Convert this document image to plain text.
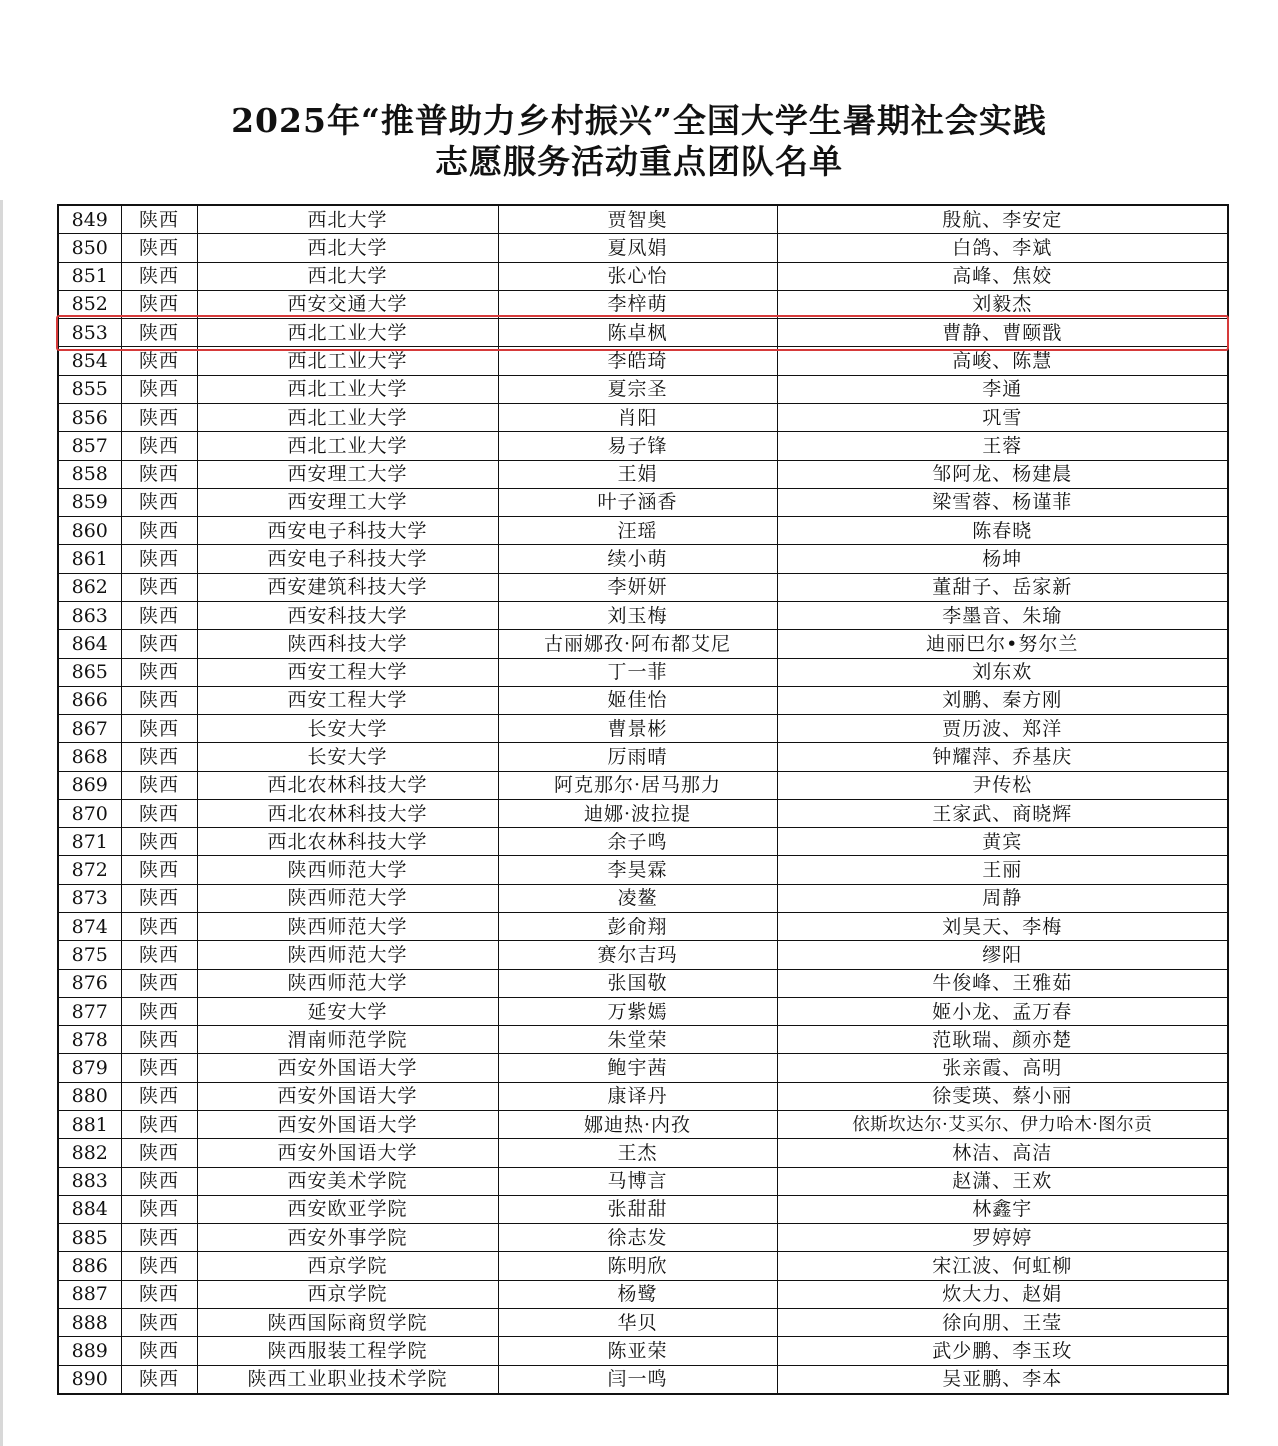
2025年“推普助力乡村振兴”全国大学生暑期社会实践
志愿服务活动重点团队名单
849	陕西	西北大学	贾智奥	殷航、李安定
850	陕西	西北大学	夏凤娟	白鸽、李斌
851	陕西	西北大学	张心怡	高峰、焦姣
852	陕西	西安交通大学	李梓萌	刘毅杰
853	陕西	西北工业大学	陈卓枫	曹静、曹颐戬
854	陕西	西北工业大学	李皓琦	高峻、陈慧
855	陕西	西北工业大学	夏宗圣	李通
856	陕西	西北工业大学	肖阳	巩雪
857	陕西	西北工业大学	易子锋	王蓉
858	陕西	西安理工大学	王娟	邹阿龙、杨建晨
859	陕西	西安理工大学	叶子涵香	梁雪蓉、杨谨菲
860	陕西	西安电子科技大学	汪瑶	陈春晓
861	陕西	西安电子科技大学	续小萌	杨坤
862	陕西	西安建筑科技大学	李妍妍	董甜子、岳家新
863	陕西	西安科技大学	刘玉梅	李墨音、朱瑜
864	陕西	陕西科技大学	古丽娜孜·阿布都艾尼	迪丽巴尔•努尔兰
865	陕西	西安工程大学	丁一菲	刘东欢
866	陕西	西安工程大学	姬佳怡	刘鹏、秦方刚
867	陕西	长安大学	曹景彬	贾历波、郑洋
868	陕西	长安大学	厉雨晴	钟耀萍、乔基庆
869	陕西	西北农林科技大学	阿克那尔·居马那力	尹传松
870	陕西	西北农林科技大学	迪娜·波拉提	王家武、商晓辉
871	陕西	西北农林科技大学	余子鸣	黄宾
872	陕西	陕西师范大学	李昊霖	王丽
873	陕西	陕西师范大学	凌鳌	周静
874	陕西	陕西师范大学	彭俞翔	刘昊天、李梅
875	陕西	陕西师范大学	赛尔吉玛	缪阳
876	陕西	陕西师范大学	张国敬	牛俊峰、王雅茹
877	陕西	延安大学	万紫嫣	姬小龙、孟万春
878	陕西	渭南师范学院	朱堂荣	范耿瑞、颜亦楚
879	陕西	西安外国语大学	鲍宇茜	张亲霞、高明
880	陕西	西安外国语大学	康译丹	徐雯瑛、蔡小丽
881	陕西	西安外国语大学	娜迪热·内孜	依斯坎达尔·艾买尔、伊力哈木·图尔贡
882	陕西	西安外国语大学	王杰	林洁、高洁
883	陕西	西安美术学院	马博言	赵潇、王欢
884	陕西	西安欧亚学院	张甜甜	林鑫宇
885	陕西	西安外事学院	徐志发	罗婷婷
886	陕西	西京学院	陈明欣	宋江波、何虹柳
887	陕西	西京学院	杨鹭	炊大力、赵娟
888	陕西	陕西国际商贸学院	华贝	徐向朋、王莹
889	陕西	陕西服装工程学院	陈亚荣	武少鹏、李玉玫
890	陕西	陕西工业职业技术学院	闫一鸣	吴亚鹏、李本
